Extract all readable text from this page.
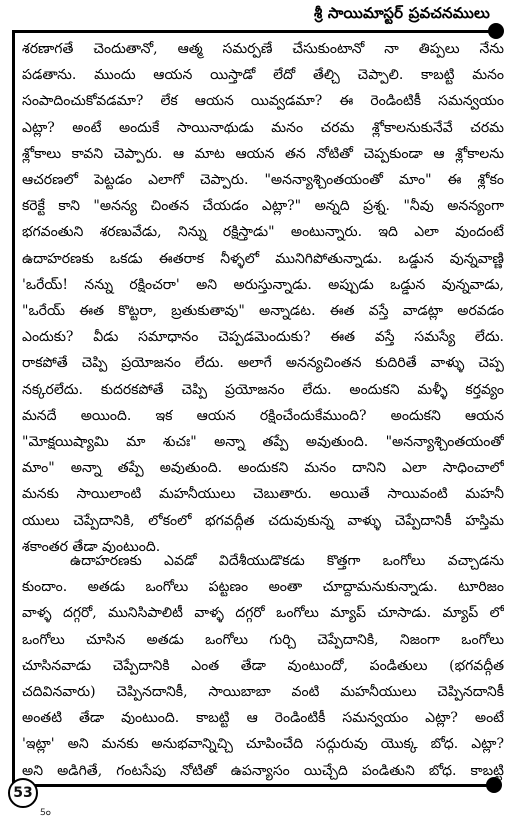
శ్రీ సాయిమాస్టర్ ప్రవచనములు
శరణాగతే చెందుతానో, ఆత్మ సమర్పణే చేసుకుంటానో నా తిప్పలు నేను
పడతాను. ముందు ఆయన యిస్తాడో లేదో తేల్చి చెప్పాలి. కాబట్టి మనం
సంపాదించుకోవడమా? లేక ఆయన యివ్వడమా? ఈ రెండింటికీ సమన్వయం
ఎట్లా? అంటే అందుకే సాయినాథుడు మనం చరమ శ్లోకాలనుకునేవే చరమ
శ్లోకాలు కావని చెప్పారు. ఆ మాట ఆయన తన నోటితో చెప్పకుండా ఆ శ్లోకాలను
ఆచరణలో పెట్టడం ఎలాగో చెప్పారు. "అనన్యాశ్చింతయంతో మాం" ఈ శ్లోకం
కరెక్టే కాని "అనన్య చింతన చేయడం ఎట్లా?" అన్నది ప్రశ్న. "నీవు అనన్యంగా
భగవంతుని శరణువేడు, నిన్ను రక్షిస్తాడు" అంటున్నారు. ఇది ఎలా వుందంటే
ఉదాహరణకు ఒకడు ఈతరాక నీళ్ళలో మునిగిపోతున్నాడు. ఒడ్డున వున్నవాణ్ణి
'ఒరేయ్! నన్ను రక్షించరా' అని అరుస్తున్నాడు. అప్పుడు ఒడ్డున వున్నవాడు,
"ఒరేయ్ ఈత కొట్టరా, బ్రతుకుతావు" అన్నాడట. ఈత వస్తే వాడట్లా అరవడం
ఎందుకు? వీడు సమాధానం చెప్పడమెందుకు? ఈత వస్తే సమస్యే లేదు.
రాకపోతే చెప్పి ప్రయోజనం లేదు. అలాగే అనన్యచింతన కుదిరితే వాళ్ళు చెప్ప
నక్కరలేదు. కుదరకపోతే చెప్పి ప్రయోజనం లేదు. అందుకని మళ్ళీ కర్తవ్యం
మనదే అయింది. ఇక ఆయన రక్షించేందుకేముంది? అందుకని ఆయన
"మోక్షయిష్యామి మా శుచః" అన్నా తప్పే అవుతుంది. "అనన్యాశ్చింతయంతో
మాం" అన్నా తప్పే అవుతుంది. అందుకని మనం దానిని ఎలా సాధించాలో
మనకు సాయిలాంటి మహనీయులు చెబుతారు. అయితే సాయివంటి మహనీ
యులు చెప్పేదానికి, లోకంలో భగవద్గీత చదువుకున్న వాళ్ళు చెప్పేదానికీ హస్తిమ
శకాంతర తేడా వుంటుంది.
ఉదాహరణకు ఎవడో విదేశీయుడొకడు కొత్తగా ఒంగోలు వచ్చాడను
కుందాం. అతడు ఒంగోలు పట్టణం అంతా చూద్దామనుకున్నాడు. టూరిజం
వాళ్ళ దగ్గరో, మునిసిపాలిటీ వాళ్ళ దగ్గరో ఒంగోలు మ్యాప్ చూసాడు. మ్యాప్ లో
ఒంగోలు చూసిన అతడు ఒంగోలు గుర్చి చెప్పేదానికి, నిజంగా ఒంగోలు
చూసినవాడు చెప్పేదానికి ఎంత తేడా వుంటుందో, పండితులు (భగవద్గీత
చదివినవారు) చెప్పినదానికీ, సాయిబాబా వంటి మహనీయులు చెప్పినదానికీ
అంతటి తేడా వుంటుంది. కాబట్టి ఆ రెండింటికీ సమన్వయం ఎట్లా? అంటే
'ఇట్లా' అని మనకు అనుభవాన్నిచ్చి చూపించేది సద్గురువు యొక్క బోధ. ఎట్లా?
అని అడిగితే, గంటసేపు నోటితో ఉపన్యాసం యిచ్చేది పండితుని బోధ. కాబట్టి
53
5ం
